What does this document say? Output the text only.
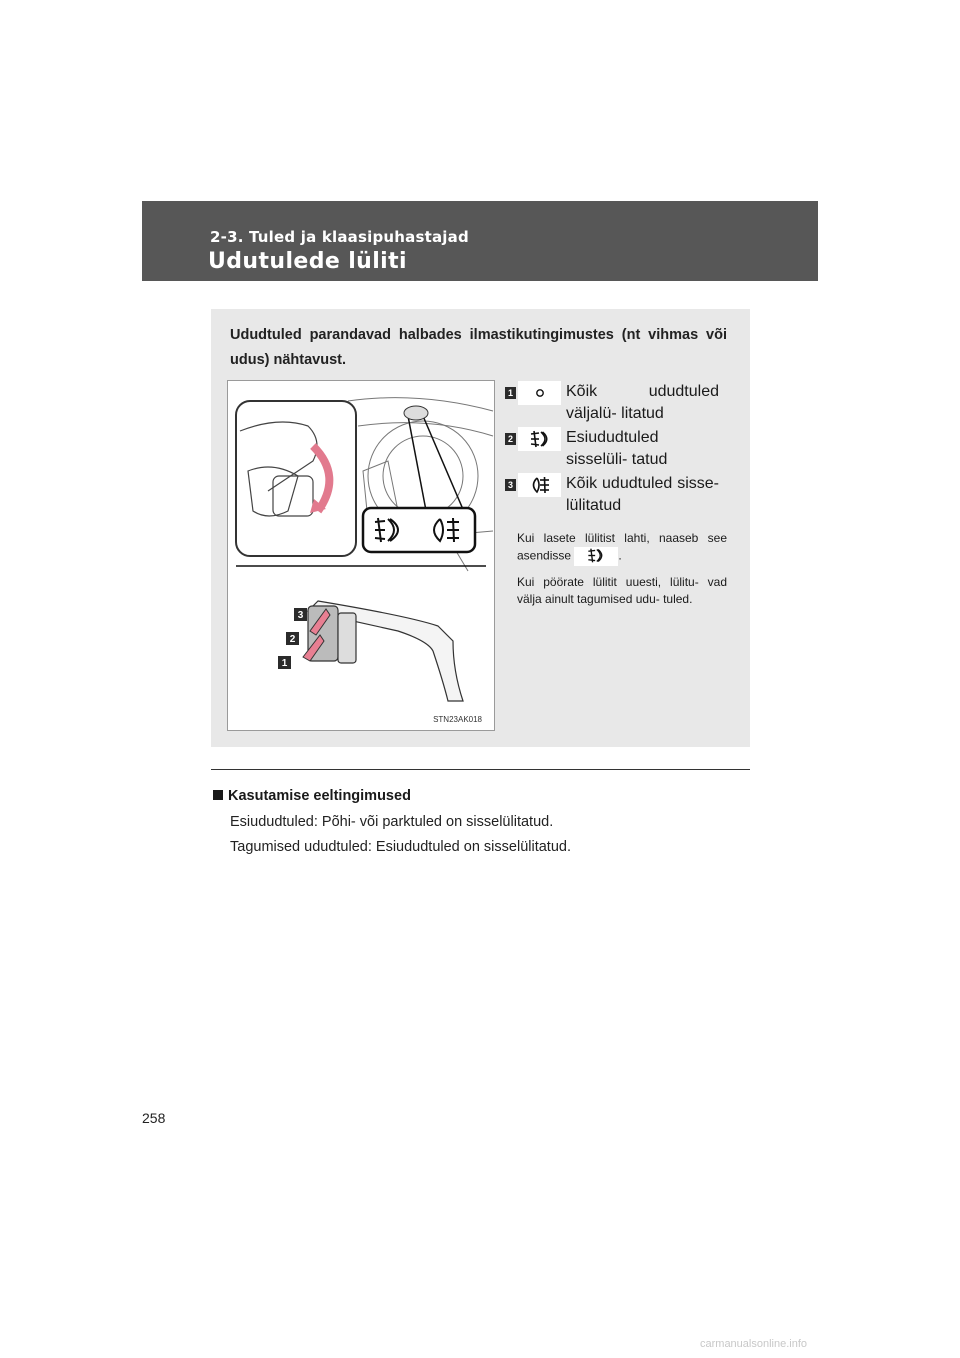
2-3. Tuled ja klaasipuhastajad
Udutulede lüliti
Ududtuled parandavad halbades ilmastikutingimustes (nt vihmas või udus) nähtavust.
3
2
1
STN23AK018
1	Kõik ududtuled väljalü- litatud
2	Esiududtuled sisselüli- tatud
3	Kõik ududtuled sisse- lülitatud
Kui lasete lülitist lahti, naaseb see asendisse	.
Kui pöörate lülitit uuesti, lülitu- vad välja ainult tagumised udu- tuled.
Kasutamise eeltingimused
Esiududtuled: Põhi- või parktuled on sisselülitatud.
Tagumised ududtuled: Esiududtuled on sisselülitatud.
258
carmanualsonline.info
